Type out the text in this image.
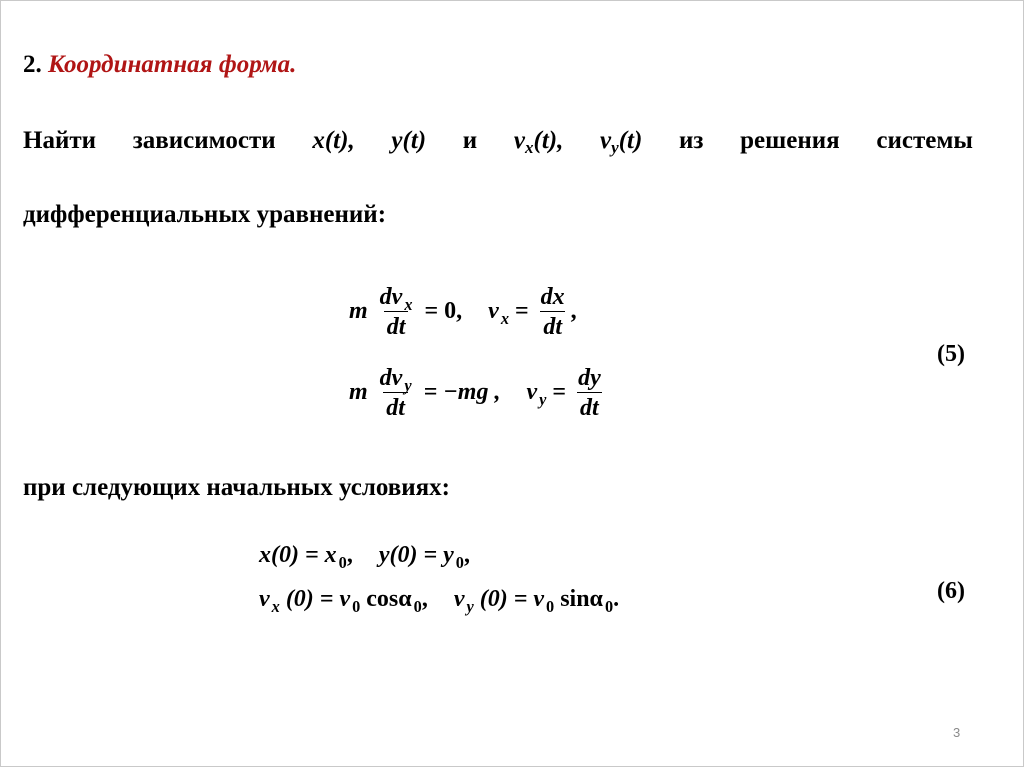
2. Координатная форма.
Найти зависимости x(t), y(t) и $v_x(t)$, $v_y(t)$ из решения системы
дифференциальных уравнений:
m $\frac{dv _x}{dt} = 0$, v $_x = \frac{dx}{dt}$ ,
m $\frac{dv _y}{dt} = -mg$ , v $_y = \frac{dy}{dt}$
(5)
при следующих начальных условиях:
x(0) = x $_0$, y(0) = y $_0$,
v $_x$ (0) = v $_0$ cosα $_0$, v $_y$ (0) = v $_0$ sinα $_0$.	(6)
3
